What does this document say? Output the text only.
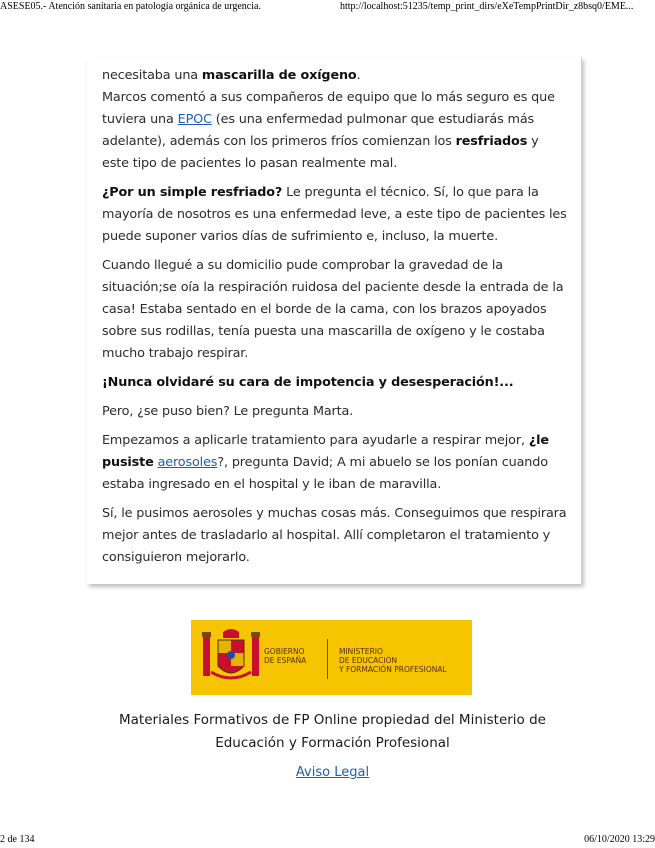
ASESE05.- Atención sanitaria en patología orgánica de urgencia.	http://localhost:51235/temp_print_dirs/eXeTempPrintDir_z8bsq0/EME...

necesitaba una mascarilla de oxígeno.
Marcos comentó a sus compañeros de equipo que lo más seguro es que tuviera una EPOC (es una enfermedad pulmonar que estudiarás más adelante), además con los primeros fríos comienzan los resfriados y este tipo de pacientes lo pasan realmente mal.

¿Por un simple resfriado? Le pregunta el técnico. Sí, lo que para la mayoría de nosotros es una enfermedad leve, a este tipo de pacientes les puede suponer varios días de sufrimiento e, incluso, la muerte.

Cuando llegué a su domicilio pude comprobar la gravedad de la situación;se oía la respiración ruidosa del paciente desde la entrada de la casa! Estaba sentado en el borde de la cama, con los brazos apoyados sobre sus rodillas, tenía puesta una mascarilla de oxígeno y le costaba mucho trabajo respirar.

¡Nunca olvidaré su cara de impotencia y desesperación!...

Pero, ¿se puso bien? Le pregunta Marta.

Empezamos a aplicarle tratamiento para ayudarle a respirar mejor, ¿le pusiste aerosoles?, pregunta David; A mi abuelo se los ponían cuando estaba ingresado en el hospital y le iban de maravilla.

Sí, le pusimos aerosoles y muchas cosas más. Conseguimos que respirara mejor antes de trasladarlo al hospital. Allí completaron el tratamiento y consiguieron mejorarlo.

GOBIERNO
DE ESPAÑA
MINISTERIO
DE EDUCACIÓN
Y FORMACIÓN PROFESIONAL
Materiales Formativos de FP Online propiedad del Ministerio de Educación y Formación Profesional
Aviso Legal
2 de 134	06/10/2020 13:29
